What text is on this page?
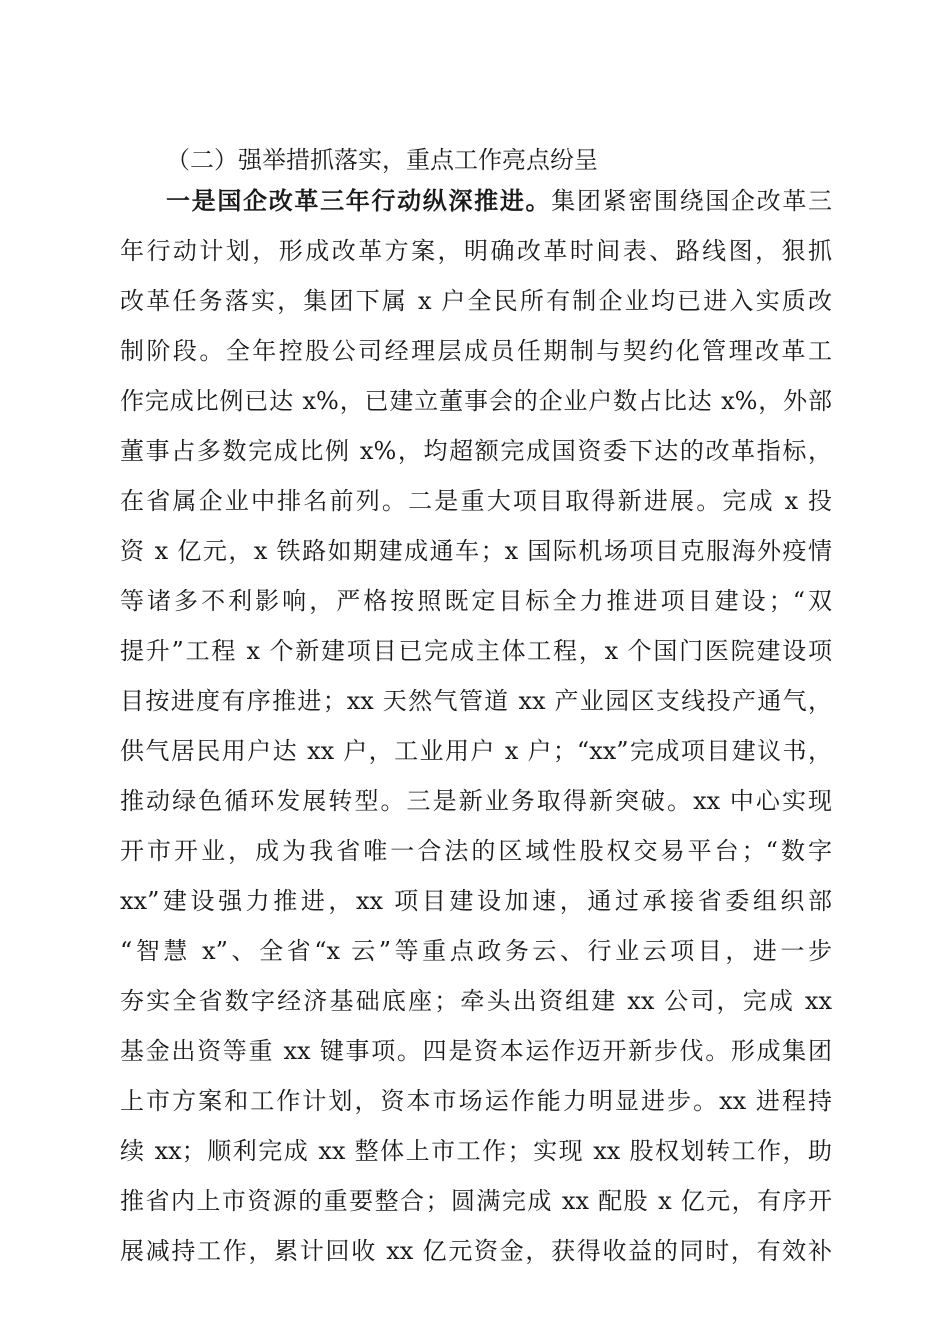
（二）强举措抓落实，重点工作亮点纷呈
一是国企改革三年行动纵深推进。集团紧密围绕国企改革三
年行动计划，形成改革方案，明确改革时间表、路线图，狠抓
改革任务落实，集团下属 x 户全民所有制企业均已进入实质改
制阶段。全年控股公司经理层成员任期制与契约化管理改革工
作完成比例已达 x%，已建立董事会的企业户数占比达 x%，外部
董事占多数完成比例 x%，均超额完成国资委下达的改革指标，
在省属企业中排名前列。二是重大项目取得新进展。完成 x 投
资 x 亿元，x 铁路如期建成通车；x 国际机场项目克服海外疫情
等诸多不利影响，严格按照既定目标全力推进项目建设；“双
提升”工程 x 个新建项目已完成主体工程，x 个国门医院建设项
目按进度有序推进；xx 天然气管道 xx 产业园区支线投产通气，
供气居民用户达 xx 户，工业用户 x 户；“xx”完成项目建议书，
推动绿色循环发展转型。三是新业务取得新突破。xx 中心实现
开市开业，成为我省唯一合法的区域性股权交易平台；“数字
xx”建设强力推进，xx 项目建设加速，通过承接省委组织部
“智慧 x”、全省“x 云”等重点政务云、行业云项目，进一步
夯实全省数字经济基础底座；牵头出资组建 xx 公司，完成 xx
基金出资等重 xx 键事项。四是资本运作迈开新步伐。形成集团
上市方案和工作计划，资本市场运作能力明显进步。xx 进程持
续 xx；顺利完成 xx 整体上市工作；实现 xx 股权划转工作，助
推省内上市资源的重要整合；圆满完成 xx 配股 x 亿元，有序开
展减持工作，累计回收 xx 亿元资金，获得收益的同时，有效补
